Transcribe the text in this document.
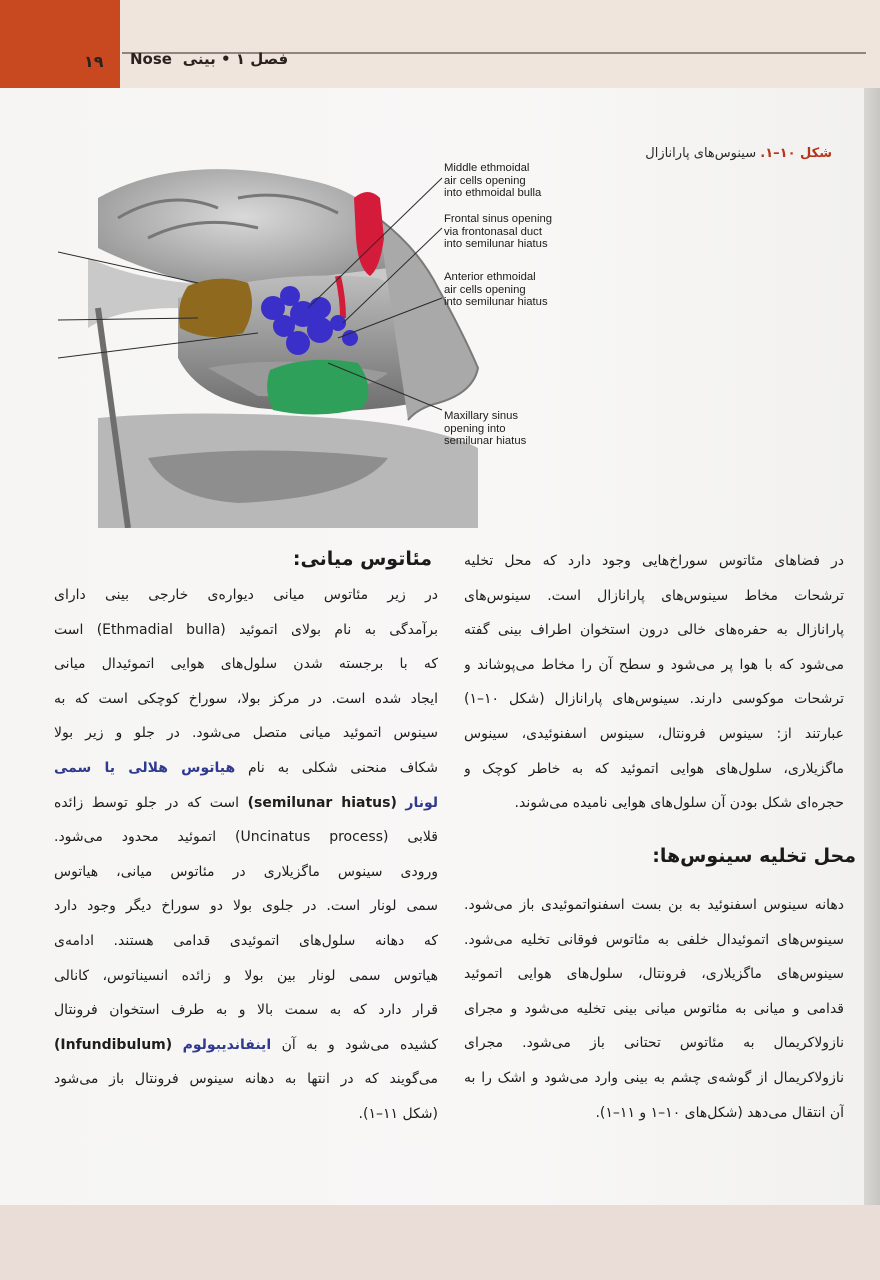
۱۹ Nose فصل ۱ • بینی
Middle ethmoidal
air cells opening
into ethmoidal bulla
Frontal sinus opening
via frontonasal duct
into semilunar hiatus
Anterior ethmoidal
air cells opening
into semilunar hiatus
Maxillary sinus
opening into
semilunar hiatus
شکل ۱۰–۱. سینوس‌های پارانازال
در فضاهای مئاتوس سوراخ‌هایی وجود دارد که محل تخلیه
ترشحات مخاط سینوس‌های پارانازال است. سینوس‌های
پارانازال به حفره‌های خالی درون استخوان اطراف بینی گفته
می‌شود که با هوا پر می‌شود و سطح آن را مخاط می‌پوشاند و
ترشحات موکوسی دارند. سینوس‌های پارانازال (شکل ۱۰–۱)
عبارتند از: سینوس فرونتال، سینوس اسفنوئیدی، سینوس
ماگزیلاری، سلول‌های هوایی اتموئید که به خاطر کوچک و
حجره‌ای شکل بودن آن سلول‌های هوایی نامیده می‌شوند.
محل تخلیه سینوس‌ها:
دهانه سینوس اسفنوئید به بن بست اسفنواتموئیدی باز می‌شود.
سینوس‌های اتموئیدال خلفی به مئاتوس فوقانی تخلیه می‌شود.
سینوس‌های ماگزیلاری، فرونتال، سلول‌های هوایی اتموئید
قدامی و میانی به مئاتوس میانی بینی تخلیه می‌شود و مجرای
نازولاکریمال به مئاتوس تحتانی باز می‌شود. مجرای
نازولاکریمال از گوشه‌ی چشم به بینی وارد می‌شود و اشک را به
آن انتقال می‌دهد (شکل‌های ۱۰–۱ و ۱۱–۱).
مئاتوس میانی:
در زیر مئاتوس میانی دیواره‌ی خارجی بینی دارای
برآمدگی به نام بولای اتموئید (Ethmadial bulla) است
که با برجسته شدن سلول‌های هوایی اتموئیدال میانی
ایجاد شده است. در مرکز بولا، سوراخ کوچکی است که به
سینوس اتموئید میانی متصل می‌شود. در جلو و زیر بولا
شکاف منحنی شکلی به نام هیاتوس هلالی یا سمی
لونار (semilunar hiatus) است که در جلو توسط زائده
قلابی (Uncinatus process) اتموئید محدود می‌شود.
ورودی سینوس ماگزیلاری در مئاتوس میانی، هیاتوس
سمی لونار است. در جلوی بولا دو سوراخ دیگر وجود دارد
که دهانه سلول‌های اتموئیدی قدامی هستند. ادامه‌ی
هیاتوس سمی لونار بین بولا و زائده انسیناتوس، کانالی
قرار دارد که به سمت بالا و به طرف استخوان فرونتال
کشیده می‌شود و به آن اینفاندیبولوم (Infundibulum)
می‌گویند که در انتها به دهانه سینوس فرونتال باز می‌شود
(شکل ۱۱–۱).
